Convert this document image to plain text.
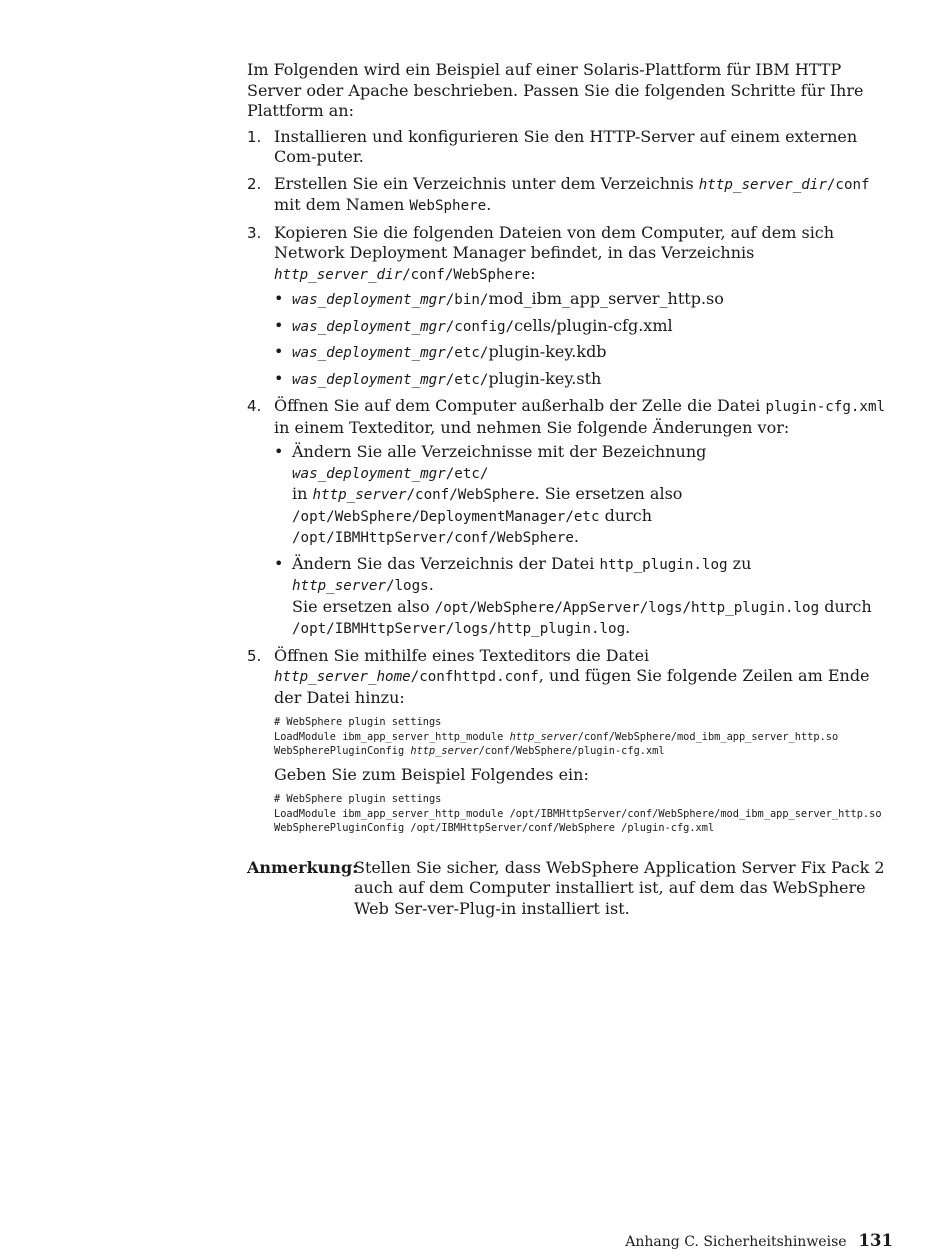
Im Folgenden wird ein Beispiel auf einer Solaris-Plattform für IBM HTTP Server oder Apache beschrieben. Passen Sie die folgenden Schritte für Ihre Plattform an:

1. Installieren und konfigurieren Sie den HTTP-Server auf einem externen Com-puter.
2. Erstellen Sie ein Verzeichnis unter dem Verzeichnis http_server_dir/conf mit dem Namen WebSphere.
3. Kopieren Sie die folgenden Dateien von dem Computer, auf dem sich Network Deployment Manager befindet, in das Verzeichnis
http_server_dir/conf/WebSphere:
• was_deployment_mgr/bin/mod_ibm_app_server_http.so
• was_deployment_mgr/config/cells/plugin-cfg.xml
• was_deployment_mgr/etc/plugin-key.kdb
• was_deployment_mgr/etc/plugin-key.sth
4. Öffnen Sie auf dem Computer außerhalb der Zelle die Datei plugin-cfg.xml in einem Texteditor, und nehmen Sie folgende Änderungen vor:
• Ändern Sie alle Verzeichnisse mit der Bezeichnung was_deployment_mgr/etc/
in http_server/conf/WebSphere. Sie ersetzen also
/opt/WebSphere/DeploymentManager/etc durch
/opt/IBMHttpServer/conf/WebSphere.
• Ändern Sie das Verzeichnis der Datei http_plugin.log zu http_server/logs.
Sie ersetzen also /opt/WebSphere/AppServer/logs/http_plugin.log durch
/opt/IBMHttpServer/logs/http_plugin.log.
5. Öffnen Sie mithilfe eines Texteditors die Datei
http_server_home/confhttpd.conf, und fügen Sie folgende Zeilen am Ende der Datei hinzu:
# WebSphere plugin settings
LoadModule ibm_app_server_http_module http_server/conf/WebSphere/mod_ibm_app_server_http.so
WebSpherePluginConfig http_server/conf/WebSphere/plugin-cfg.xml

Geben Sie zum Beispiel Folgendes ein:

# WebSphere plugin settings
LoadModule ibm_app_server_http_module /opt/IBMHttpServer/conf/WebSphere/mod_ibm_app_server_http.so
WebSpherePluginConfig /opt/IBMHttpServer/conf/WebSphere /plugin-cfg.xml
Anmerkung:

Stellen Sie sicher, dass WebSphere Application Server Fix Pack 2 auch auf dem Computer installiert ist, auf dem das WebSphere Web Ser-ver-Plug-in installiert ist.

Anhang C. Sicherheitshinweise 131
